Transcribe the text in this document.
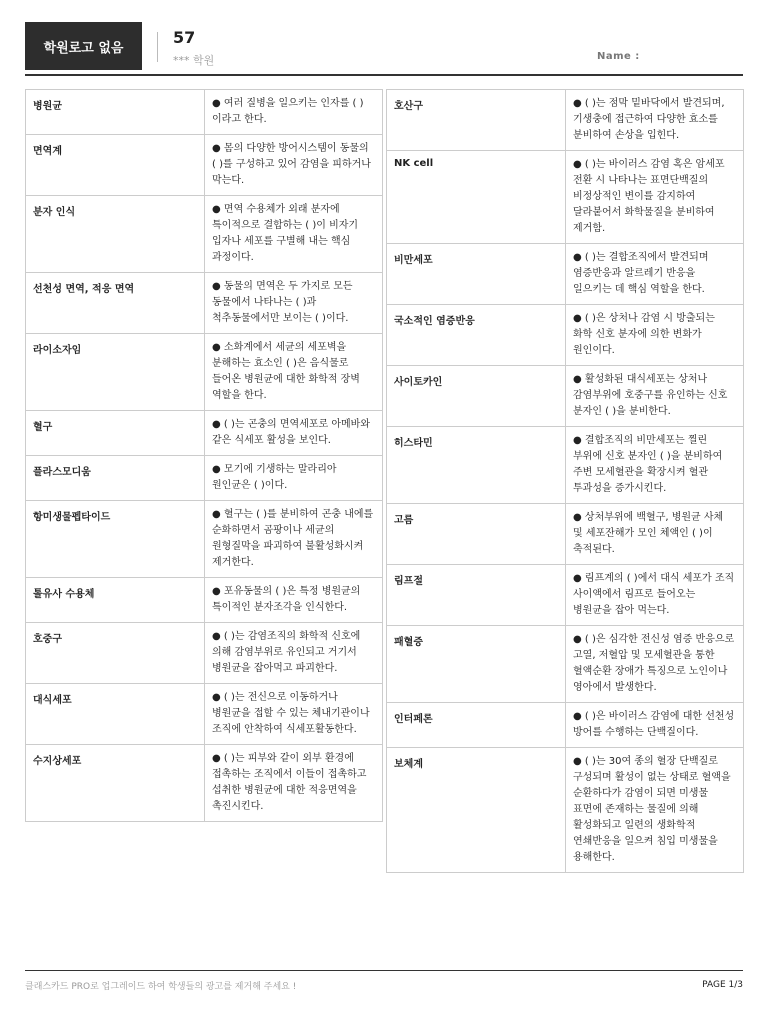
학원로고 없음
57
*** 학원	Name :
병원균	● 여러 질병을 일으키는 인자를 ( )이라고 한다.
면역계	● 몸의 다양한 방어시스템이 동물의 ( )를 구성하고 있어 감염을 피하거나 막는다.
분자 인식	● 면역 수용체가 외래 분자에 특이적으로 결합하는 ( )이 비자기 입자나 세포를 구별해 내는 핵심 과정이다.
선천성 면역, 적응 면역	● 동물의 면역은 두 가지로 모든 동물에서 나타나는 ( )과 척추동물에서만 보이는 ( )이다.
라이소자임	● 소화계에서 세균의 세포벽을 분해하는 효소인 ( )은 음식물로 들어온 병원균에 대한 화학적 장벽 역할을 한다.
혈구	● ( )는 곤충의 면역세포로 아메바와 같은 식세포 활성을 보인다.
플라스모디움	● 모기에 기생하는 말라리아 원인균은 ( )이다.
항미생물펩타이드	● 혈구는 ( )를 분비하여 곤충 내에를 순화하면서 곰팡이나 세균의 원형질막을 파괴하여 불활성화시켜 제거한다.
톨유사 수용체	● 포유동물의 ( )은 특정 병원균의 특이적인 분자조각을 인식한다.
호중구	● ( )는 감염조직의 화학적 신호에 의해 감염부위로 유인되고 거기서 병원균을 잡아먹고 파괴한다.
대식세포	● ( )는 전신으로 이동하거나 병원균을 접할 수 있는 체내기관이나 조직에 안착하여 식세포활동한다.
수지상세포	● ( )는 피부와 같이 외부 환경에 접촉하는 조직에서 이들이 접촉하고 섭취한 병원균에 대한 적응면역을 촉진시킨다.
호산구	● ( )는 점막 밑바닥에서 발견되며, 기생충에 접근하여 다양한 효소를 분비하여 손상을 입힌다.
NK cell	● ( )는 바이러스 감염 혹은 암세포 전환 시 나타나는 표면단백질의 비정상적인 변이를 감지하여 달라붙어서 화학물질을 분비하여 제거함.
비만세포	● ( )는 결합조직에서 발견되며 염증반응과 알르레기 반응을 일으키는 데 핵심 역할을 한다.
국소적인 염증반응	● ( )은 상처나 감염 시 방출되는 화학 신호 분자에 의한 변화가 원인이다.
사이토카인	● 활성화된 대식세포는 상처나 감염부위에 호중구를 유인하는 신호 분자인 ( )을 분비한다.
히스타민	● 결합조직의 비만세포는 찔린 부위에 신호 분자인 ( )을 분비하여 주변 모세혈관을 확장시켜 혈관 투과성을 증가시킨다.
고름	● 상처부위에 백혈구, 병원균 사체 및 세포잔해가 모인 체액인 ( )이 축적된다.
림프절	● 림프계의 ( )에서 대식 세포가 조직 사이액에서 림프로 들어오는 병원균을 잡아 먹는다.
패혈증	● ( )은 심각한 전신성 염증 반응으로 고열, 저혈압 및 모세혈관을 통한 혈액순환 장애가 특징으로 노인이나 영아에서 발생한다.
인터페론	● ( )은 바이러스 감염에 대한 선천성 방어를 수행하는 단백질이다.
보체계	● ( )는 30여 종의 혈장 단백질로 구성되며 활성이 없는 상태로 혈액을 순환하다가 감염이 되면 미생물 표면에 존재하는 물질에 의해 활성화되고 일련의 생화학적 연쇄반응을 일으켜 침입 미생물을 용해한다.
클래스카드 PRO로 업그레이드 하여 학생들의 광고를 제거해 주세요 !	PAGE 1/3
